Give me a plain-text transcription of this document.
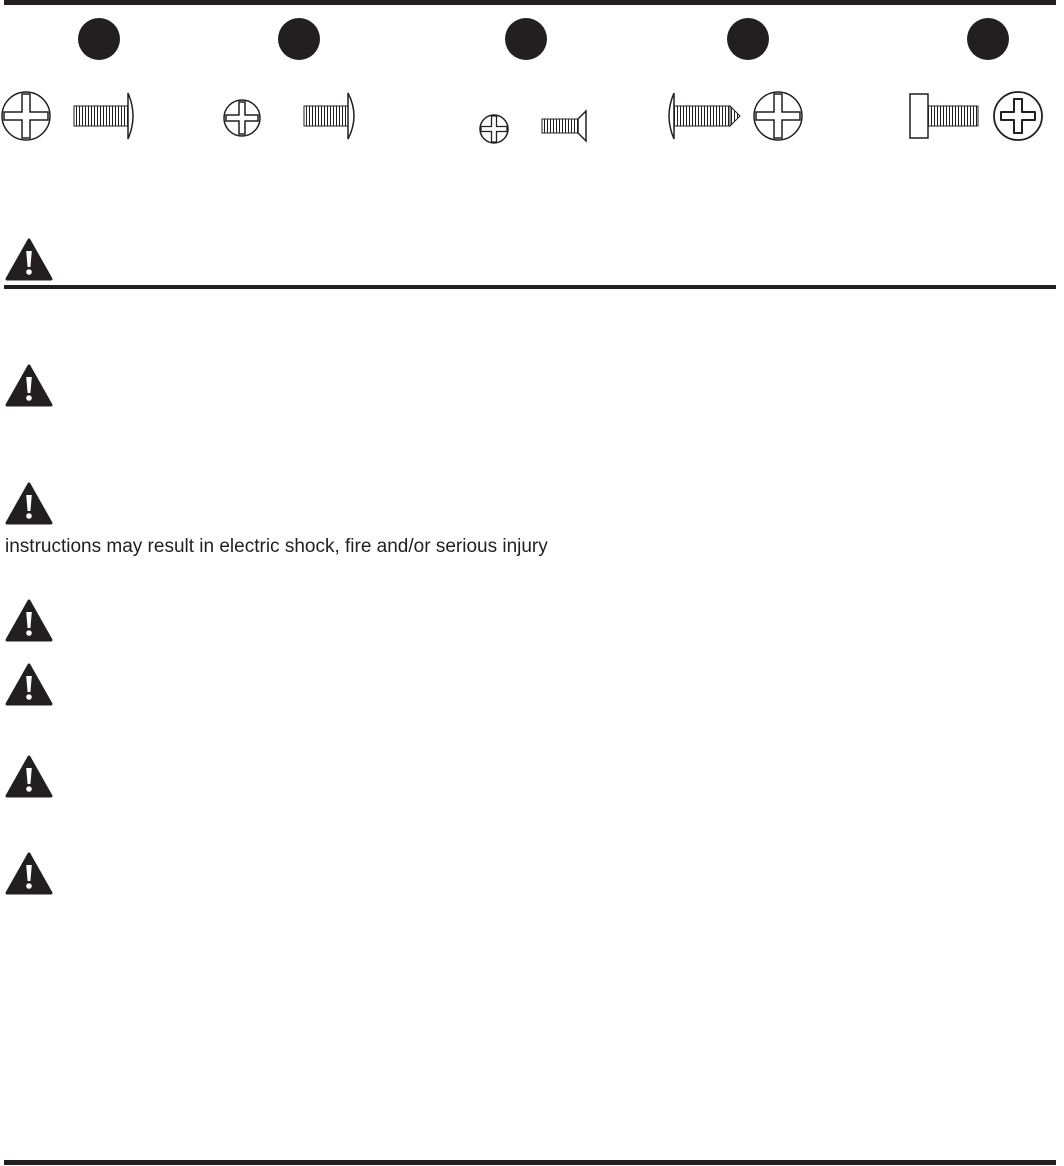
instructions may result in electric shock, fire and/or serious injury
